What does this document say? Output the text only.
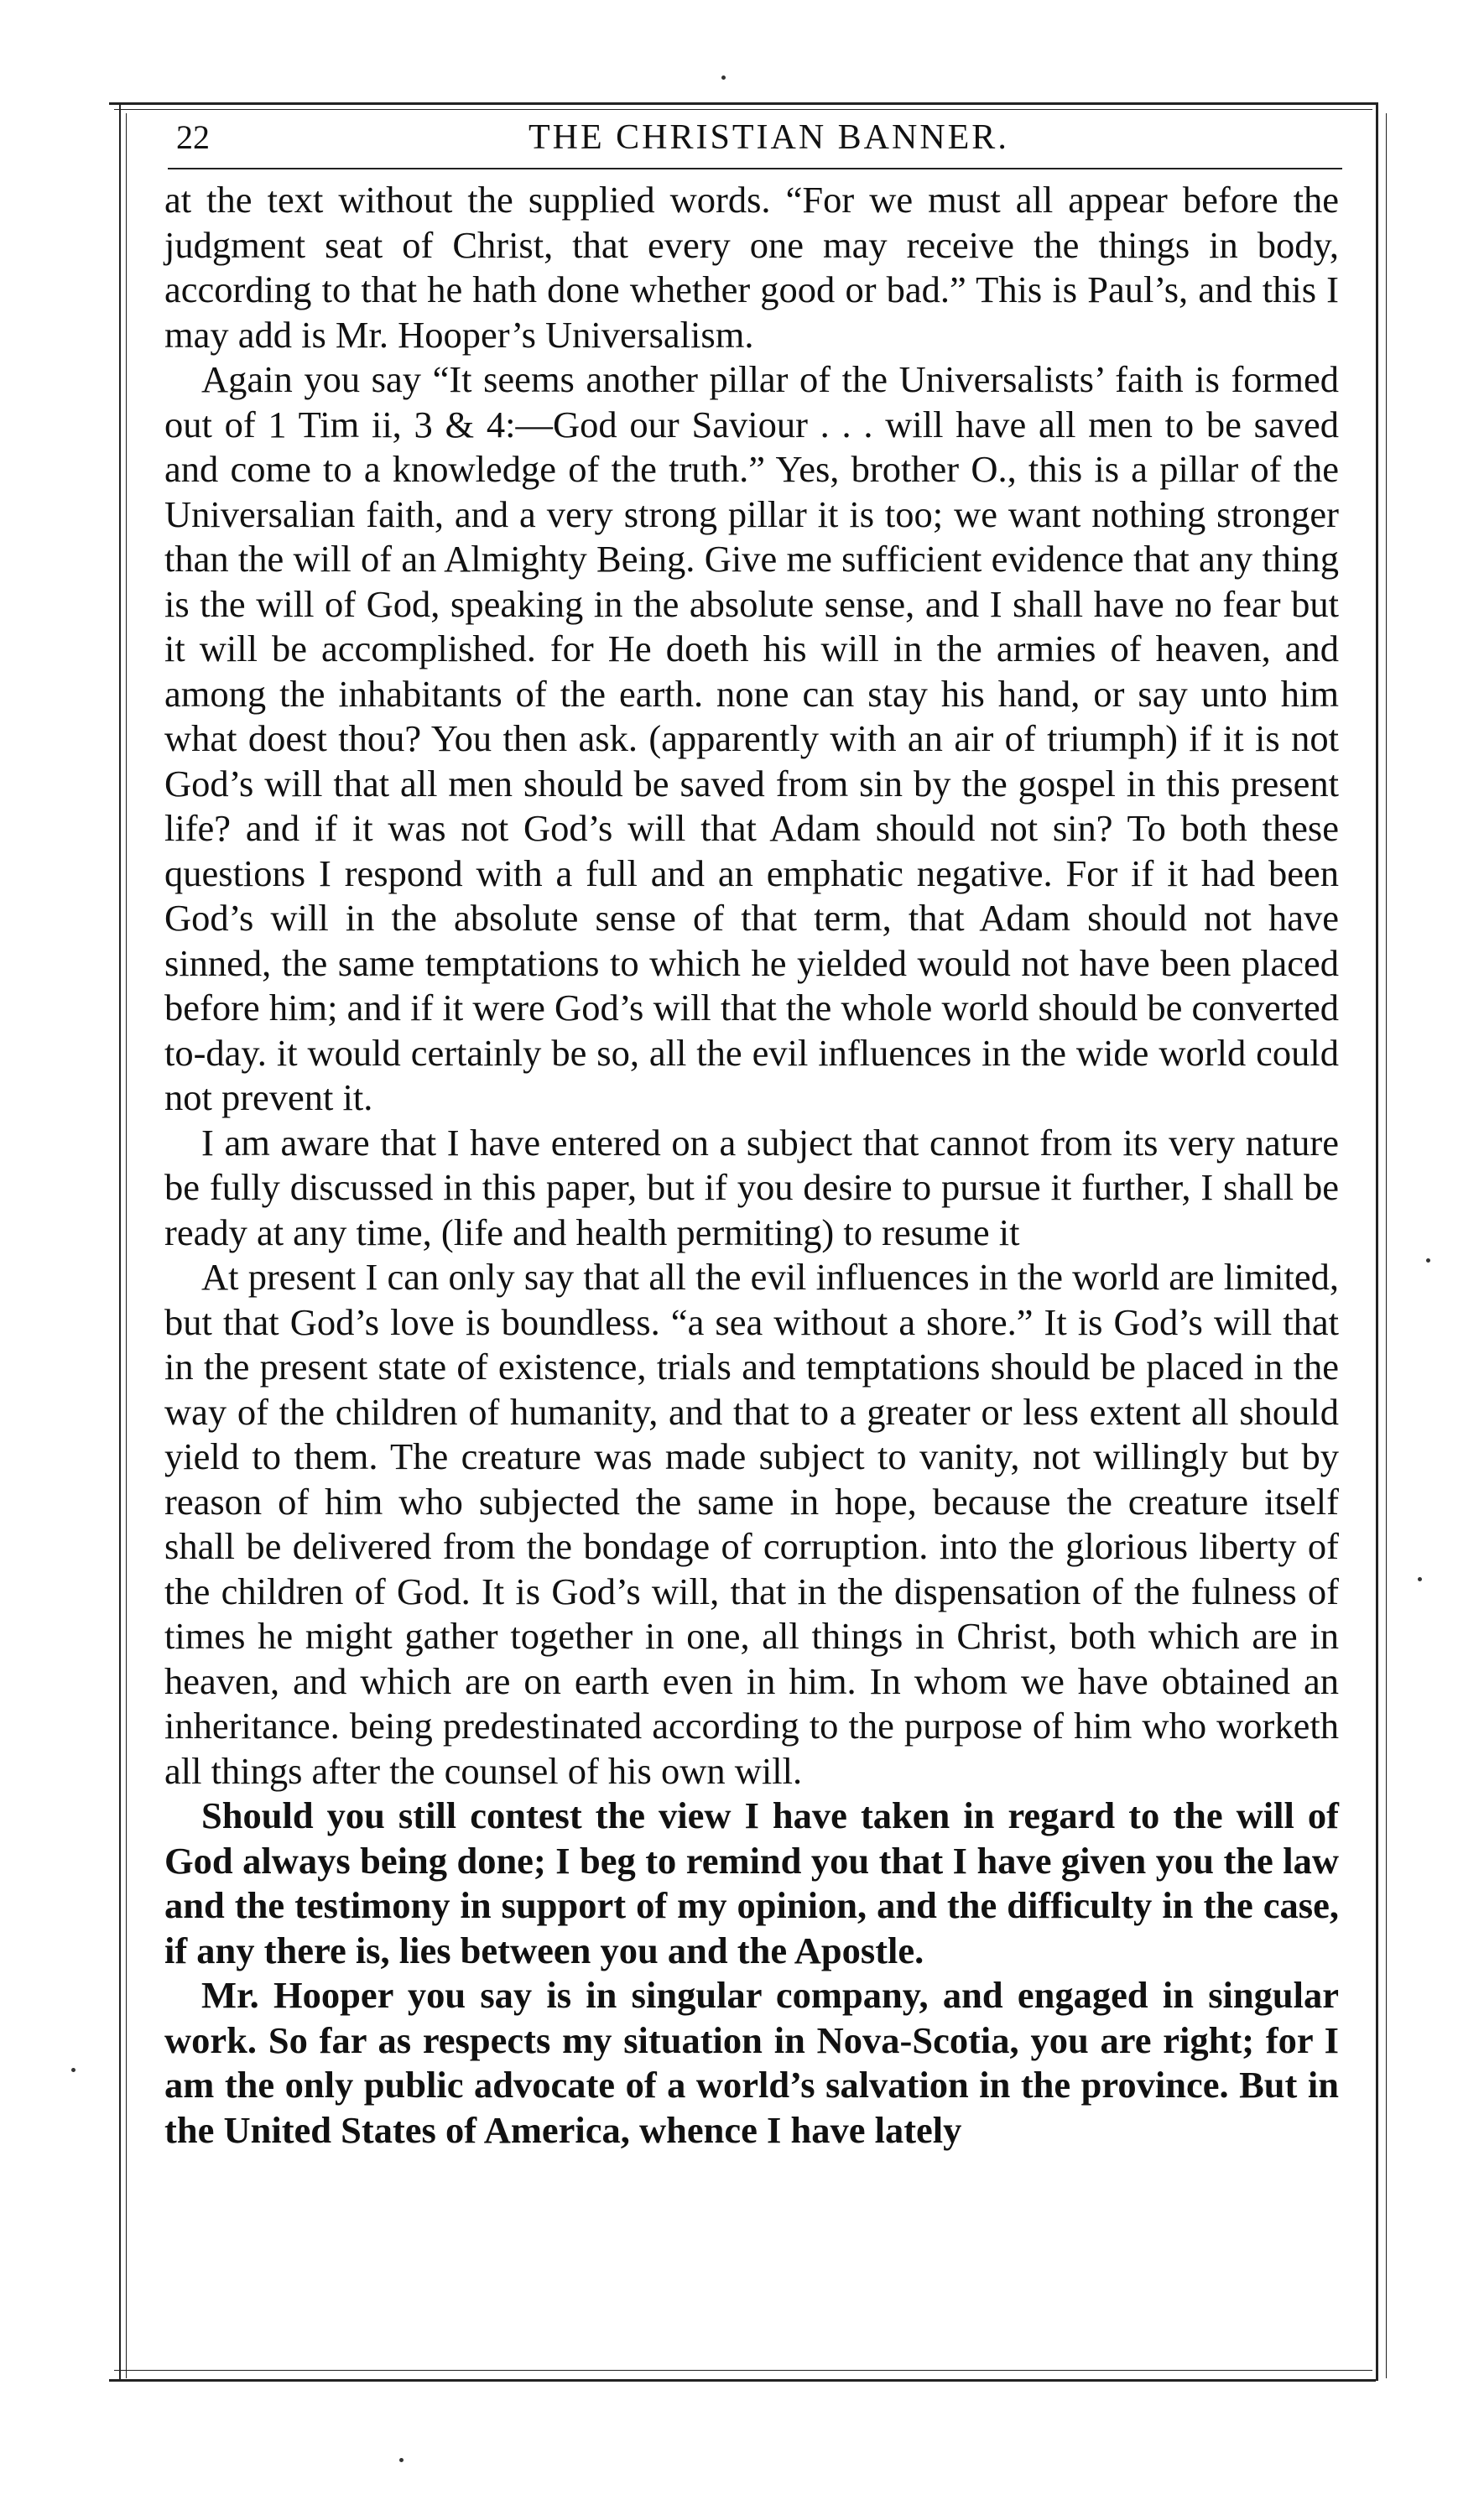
22	THE CHRISTIAN BANNER.

at the text without the supplied words. “For we must all appear before the judgment seat of Christ, that every one may receive the things in body, according to that he hath done whether good or bad.” This is Paul’s, and this I may add is Mr. Hooper’s Universalism.

Again you say “It seems another pillar of the Universalists’ faith is formed out of 1 Tim ii, 3 & 4:—God our Saviour . . . will have all men to be saved and come to a knowledge of the truth.” Yes, brother O., this is a pillar of the Universalian faith, and a very strong pillar it is too; we want nothing stronger than the will of an Almighty Being. Give me sufficient evidence that any thing is the will of God, speaking in the absolute sense, and I shall have no fear but it will be accomplished. for He doeth his will in the armies of heaven, and among the inhabitants of the earth. none can stay his hand, or say unto him what doest thou? You then ask. (apparently with an air of triumph) if it is not God’s will that all men should be saved from sin by the gospel in this present life? and if it was not God’s will that Adam should not sin? To both these questions I respond with a full and an emphatic negative. For if it had been God’s will in the absolute sense of that term, that Adam should not have sinned, the same temptations to which he yielded would not have been placed before him; and if it were God’s will that the whole world should be converted to-day. it would certainly be so, all the evil influences in the wide world could not prevent it.

I am aware that I have entered on a subject that cannot from its very nature be fully discussed in this paper, but if you desire to pursue it further, I shall be ready at any time, (life and health permiting) to resume it

At present I can only say that all the evil influences in the world are limited, but that God’s love is boundless. “a sea without a shore.” It is God’s will that in the present state of existence, trials and temptations should be placed in the way of the children of humanity, and that to a greater or less extent all should yield to them. The creature was made subject to vanity, not willingly but by reason of him who subjected the same in hope, because the creature itself shall be delivered from the bondage of corruption. into the glorious liberty of the children of God. It is God’s will, that in the dispensation of the fulness of times he might gather together in one, all things in Christ, both which are in heaven, and which are on earth even in him. In whom we have obtained an inheritance. being predestinated according to the purpose of him who worketh all things after the counsel of his own will.

Should you still contest the view I have taken in regard to the will of God always being done; I beg to remind you that I have given you the law and the testimony in support of my opinion, and the difficulty in the case, if any there is, lies between you and the Apostle.

Mr. Hooper you say is in singular company, and engaged in singular work. So far as respects my situation in Nova-Scotia, you are right; for I am the only public advocate of a world’s salvation in the province. But in the United States of America, whence I have lately
